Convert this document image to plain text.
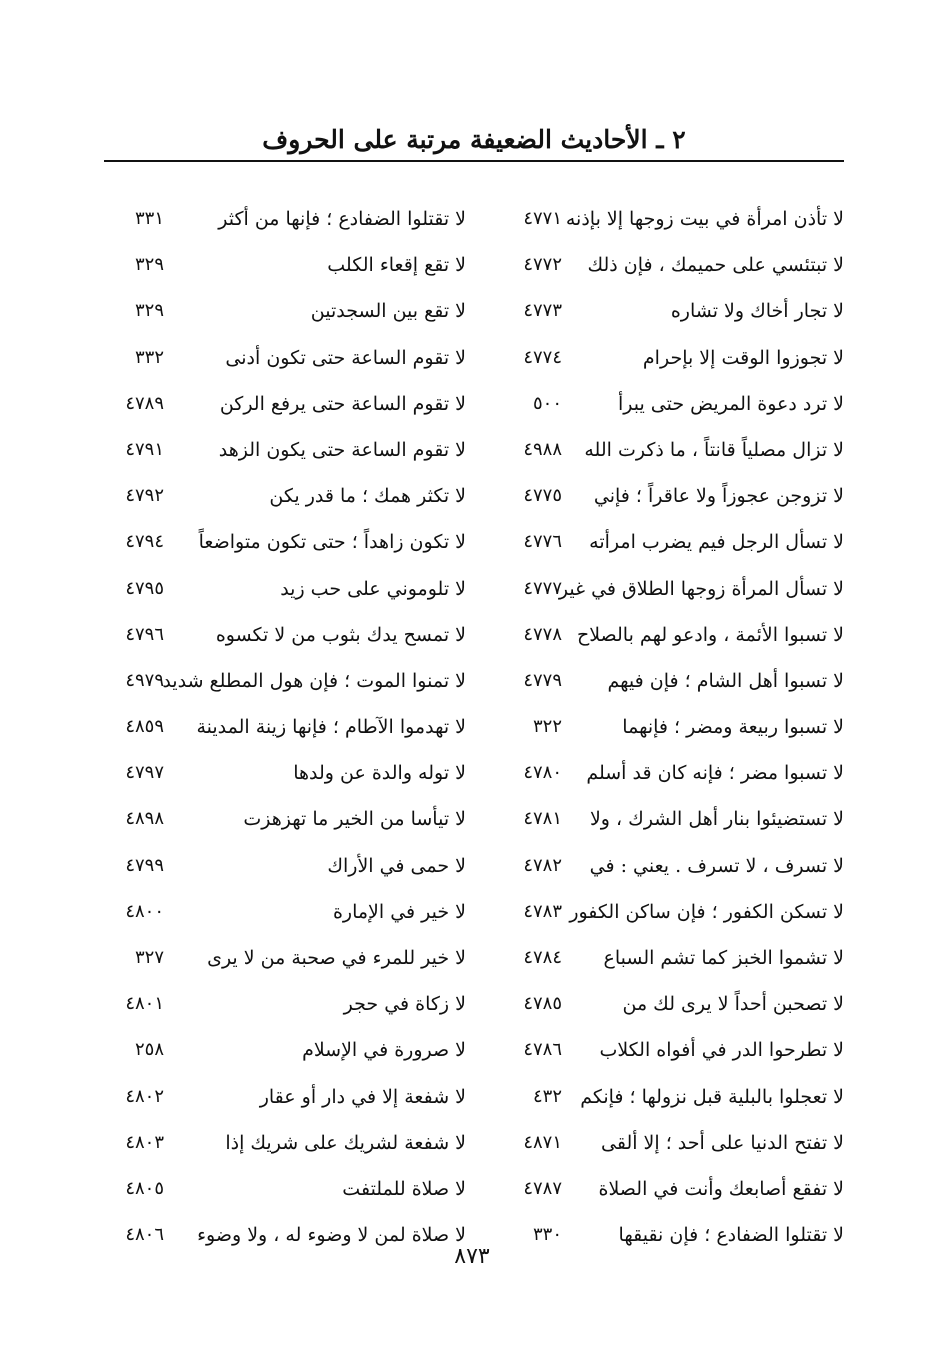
٢ ـ الأحاديث الضعيفة مرتبة على الحروف
لا تأذن امرأة في بيت زوجها إلا بإذنه
٤٧٧١
لا تقتلوا الضفادع ؛ فإنها من أكثر
٣٣١
لا تبتئسي على حميمك ، فإن ذلك
٤٧٧٢
لا تقع إقعاء الكلب
٣٢٩
لا تجار أخاك ولا تشاره
٤٧٧٣
لا تقع بين السجدتين
٣٢٩
لا تجوزوا الوقت إلا بإحرام
٤٧٧٤
لا تقوم الساعة حتى تكون أدنى
٣٣٢
لا ترد دعوة المريض حتى يبرأ
٥٠٠
لا تقوم الساعة حتى يرفع الركن
٤٧٨٩
لا تزال مصلياً قانتاً ، ما ذكرت الله
٤٩٨٨
لا تقوم الساعة حتى يكون الزهد
٤٧٩١
لا تزوجن عجوزاً ولا عاقراً ؛ فإني
٤٧٧٥
لا تكثر همك ؛ ما قدر يكن
٤٧٩٢
لا تسأل الرجل فيم يضرب امرأته
٤٧٧٦
لا تكون زاهداً ؛ حتى تكون متواضعاً
٤٧٩٤
لا تسأل المرأة زوجها الطلاق في غير
٤٧٧٧
لا تلوموني على حب زيد
٤٧٩٥
لا تسبوا الأئمة ، وادعو لهم بالصلاح
٤٧٧٨
لا تمسح يدك بثوب من لا تكسوه
٤٧٩٦
لا تسبوا أهل الشام ؛ فإن فيهم
٤٧٧٩
لا تمنوا الموت ؛ فإن هول المطلع شديد
٤٩٧٩
لا تسبوا ربيعة ومضر ؛ فإنهما
٣٢٢
لا تهدموا الآطام ؛ فإنها زينة المدينة
٤٨٥٩
لا تسبوا مضر ؛ فإنه كان قد أسلم
٤٧٨٠
لا توله والدة عن ولدها
٤٧٩٧
لا تستضيئوا بنار أهل الشرك ، ولا
٤٧٨١
لا تيأسا من الخير ما تهزهزت
٤٨٩٨
لا تسرف ، لا تسرف . يعني : في
٤٧٨٢
لا حمى في الأراك
٤٧٩٩
لا تسكن الكفور ؛ فإن ساكن الكفور
٤٧٨٣
لا خير في الإمارة
٤٨٠٠
لا تشموا الخبز كما تشم السباع
٤٧٨٤
لا خير للمرء في صحبة من لا يرى
٣٢٧
لا تصحبن أحداً لا يرى لك من
٤٧٨٥
لا زكاة في حجر
٤٨٠١
لا تطرحوا الدر في أفواه الكلاب
٤٧٨٦
لا صرورة في الإسلام
٢٥٨
لا تعجلوا بالبلية قبل نزولها ؛ فإنكم
٤٣٢
لا شفعة إلا في دار أو عقار
٤٨٠٢
لا تفتح الدنيا على أحد ؛ إلا ألقى
٤٨٧١
لا شفعة لشريك على شريك إذا
٤٨٠٣
لا تفقع أصابعك وأنت في الصلاة
٤٧٨٧
لا صلاة للملتفت
٤٨٠٥
لا تقتلوا الضفادع ؛ فإن نقيقها
٣٣٠
لا صلاة لمن لا وضوء له ، ولا وضوء
٤٨٠٦
٨٧٣
